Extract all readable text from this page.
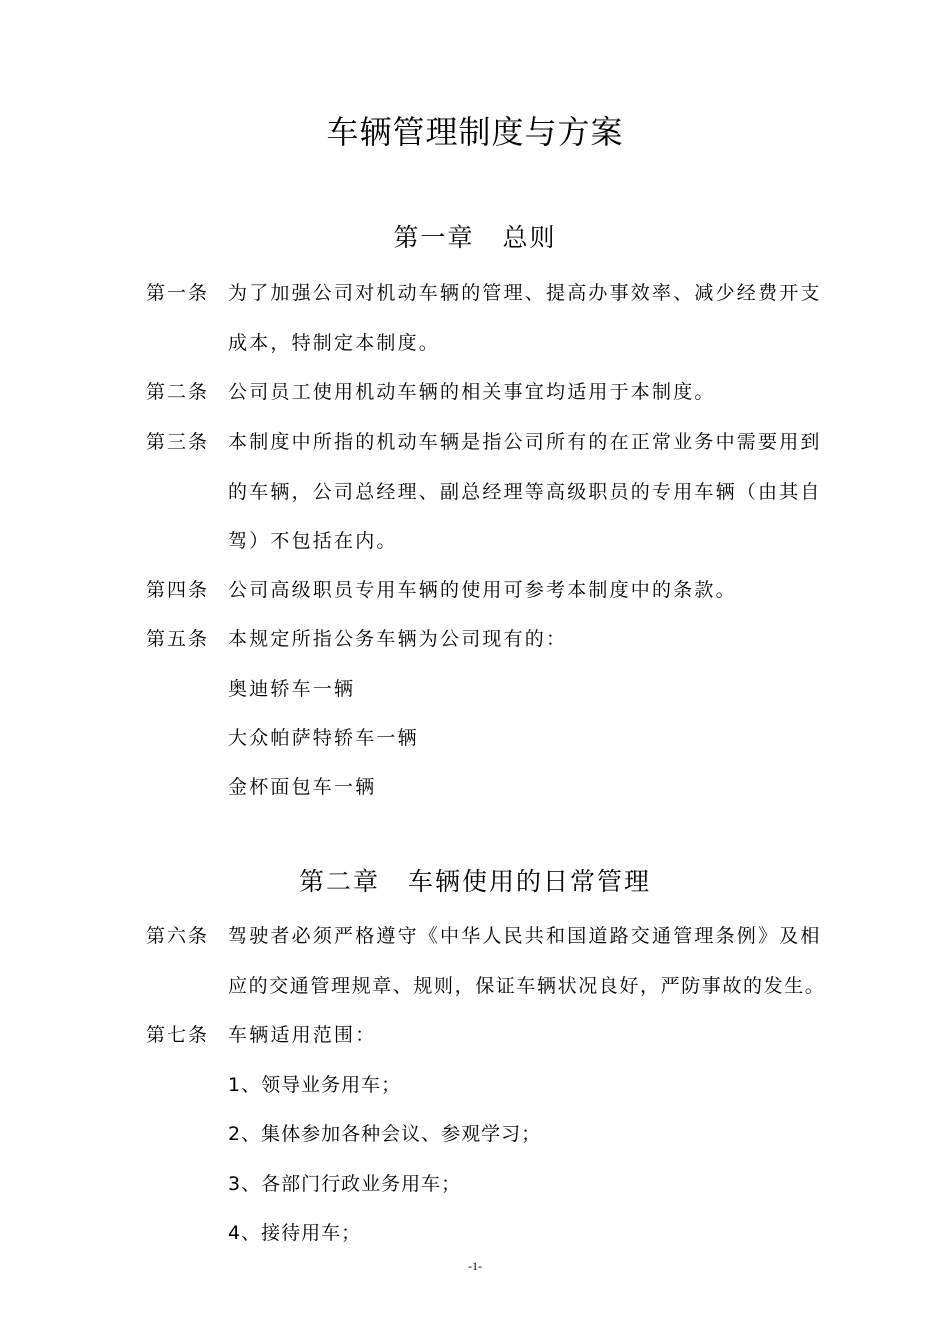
车辆管理制度与方案
第一章 总则
第一条 为了加强公司对机动车辆的管理、提高办事效率、减少经费开支
成本，特制定本制度。
第二条 公司员工使用机动车辆的相关事宜均适用于本制度。
第三条 本制度中所指的机动车辆是指公司所有的在正常业务中需要用到
的车辆，公司总经理、副总经理等高级职员的专用车辆（由其自
驾）不包括在内。
第四条 公司高级职员专用车辆的使用可参考本制度中的条款。
第五条 本规定所指公务车辆为公司现有的：
奥迪轿车一辆
大众帕萨特轿车一辆
金杯面包车一辆
第二章 车辆使用的日常管理
第六条 驾驶者必须严格遵守《中华人民共和国道路交通管理条例》及相
应的交通管理规章、规则，保证车辆状况良好，严防事故的发生。
第七条 车辆适用范围：
1、领导业务用车；
2、集体参加各种会议、参观学习；
3、各部门行政业务用车；
4、接待用车；
-1-
